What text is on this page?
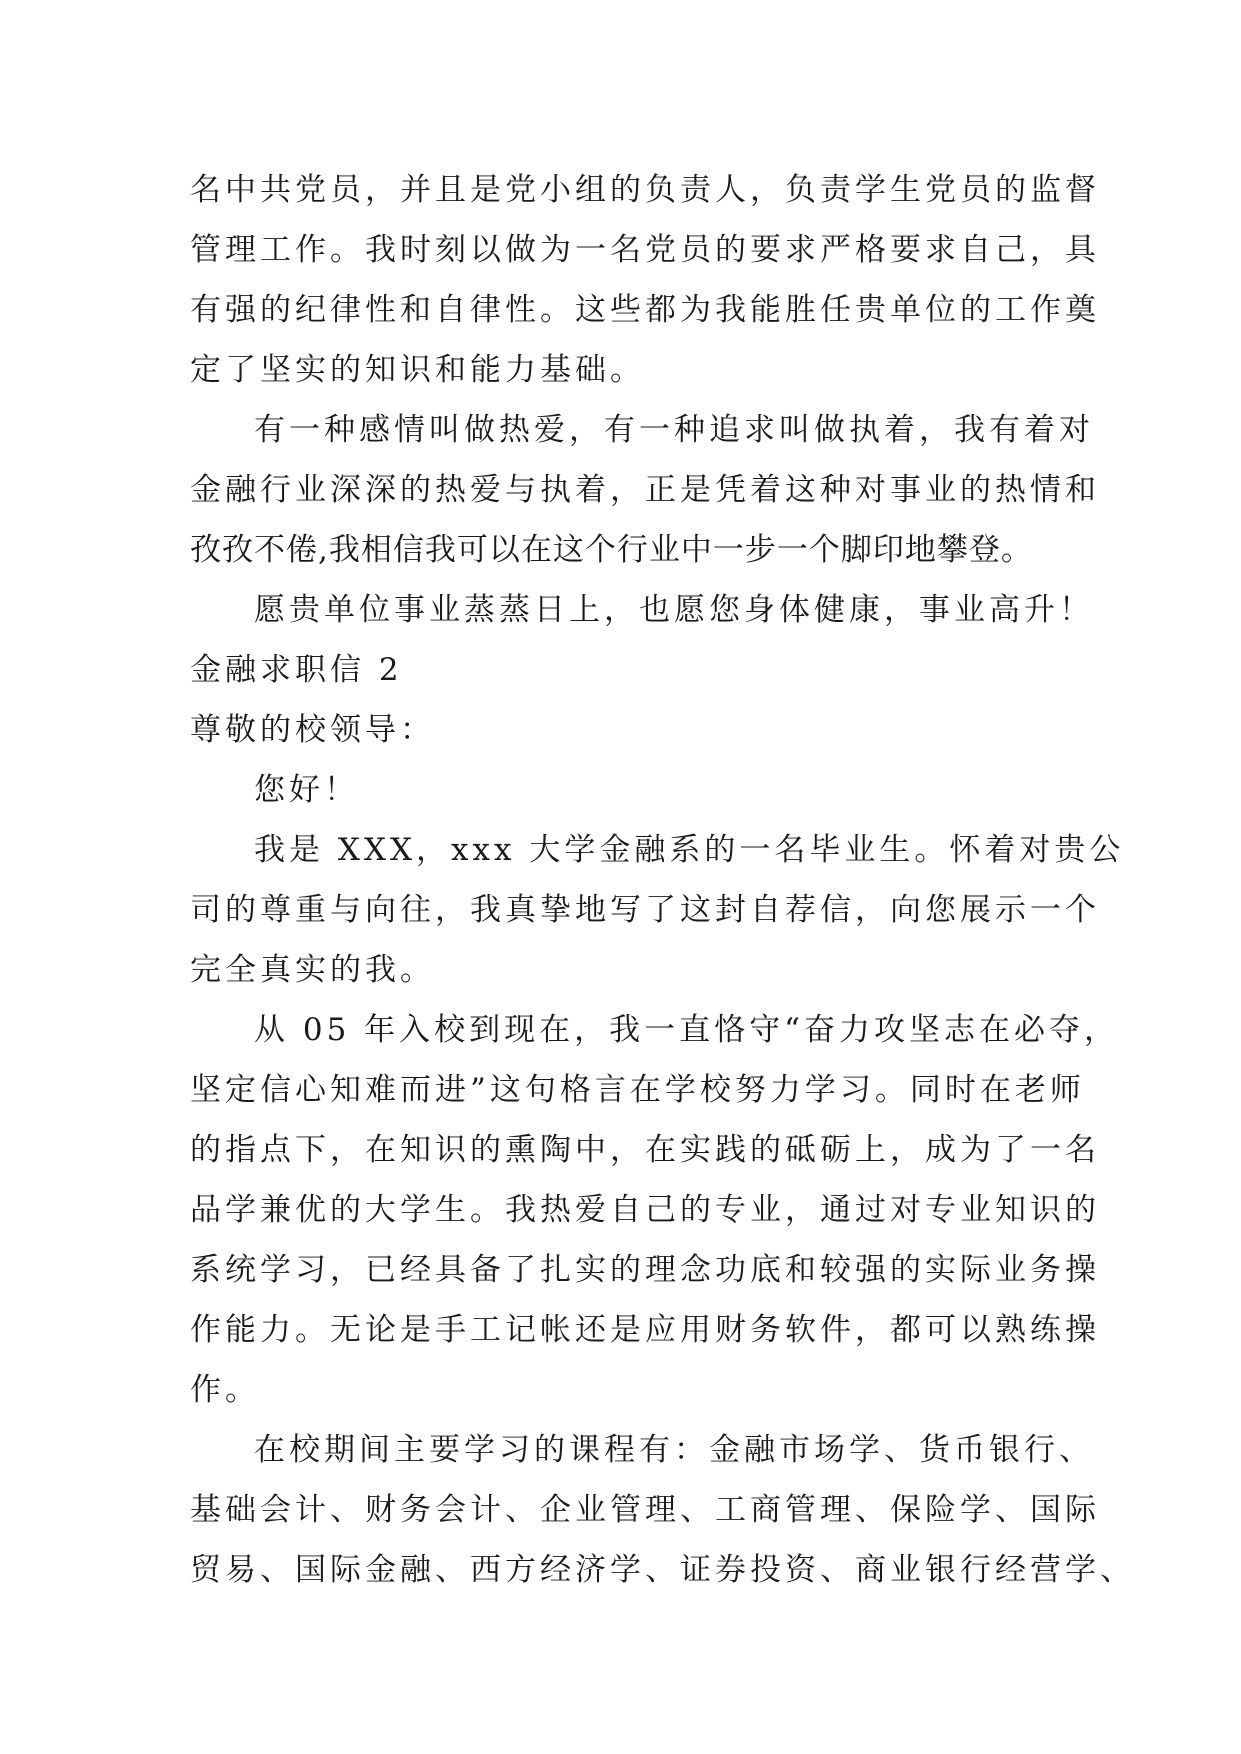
名中共党员，并且是党小组的负责人，负责学生党员的监督
管理工作。我时刻以做为一名党员的要求严格要求自己，具
有强的纪律性和自律性。这些都为我能胜任贵单位的工作奠
定了坚实的知识和能力基础。
有一种感情叫做热爱，有一种追求叫做执着，我有着对
金融行业深深的热爱与执着，正是凭着这种对事业的热情和
孜孜不倦,我相信我可以在这个行业中一步一个脚印地攀登。
愿贵单位事业蒸蒸日上，也愿您身体健康，事业高升！
金融求职信 2
尊敬的校领导：
您好！
我是 XXX，xxx 大学金融系的一名毕业生。怀着对贵公
司的尊重与向往，我真挚地写了这封自荐信，向您展示一个
完全真实的我。
从 05 年入校到现在，我一直恪守“奋力攻坚志在必夺，
坚定信心知难而进”这句格言在学校努力学习。同时在老师
的指点下，在知识的熏陶中，在实践的砥砺上，成为了一名
品学兼优的大学生。我热爱自己的专业，通过对专业知识的
系统学习，已经具备了扎实的理念功底和较强的实际业务操
作能力。无论是手工记帐还是应用财务软件，都可以熟练操
作。
在校期间主要学习的课程有：金融市场学、货币银行、
基础会计、财务会计、企业管理、工商管理、保险学、国际
贸易、国际金融、西方经济学、证券投资、商业银行经营学、
